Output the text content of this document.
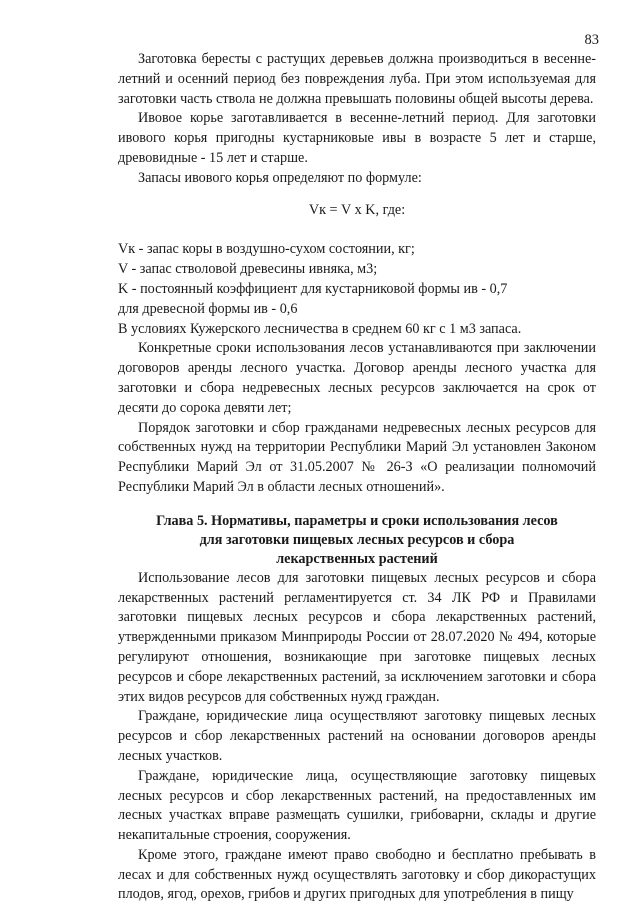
83

Заготовка бересты с растущих деревьев должна производиться в весенне-летний и осенний период без повреждения луба. При этом используемая для заготовки часть ствола не должна превышать половины общей высоты дерева.

Ивовое корье заготавливается в весенне-летний период. Для заготовки ивового корья пригодны кустарниковые ивы в возрасте 5 лет и старше, древовидные - 15 лет и старше.

Запасы ивового корья определяют по формуле:

Vк = V х K, где:

Vк - запас коры в воздушно-сухом состоянии, кг;

V - запас стволовой древесины ивняка, м3;

K - постоянный коэффициент для кустарниковой формы ив - 0,7

для древесной формы ив - 0,6

В условиях Кужерского лесничества в среднем 60 кг с 1 м3 запаса.

Конкретные сроки использования лесов устанавливаются при заключении договоров аренды лесного участка. Договор аренды лесного участка для заготовки и сбора недревесных лесных ресурсов заключается на срок от десяти до сорока девяти лет;

Порядок заготовки и сбор гражданами недревесных лесных ресурсов для собственных нужд на территории Республики Марий Эл установлен Законом Республики Марий Эл от 31.05.2007 № 26-З «О реализации полномочий Республики Марий Эл в области лесных отношений».

Глава 5. Нормативы, параметры и сроки использования лесов
для заготовки пищевых лесных ресурсов и сбора
лекарственных растений

Использование лесов для заготовки пищевых лесных ресурсов и сбора лекарственных растений регламентируется ст. 34 ЛК РФ и Правилами заготовки пищевых лесных ресурсов и сбора лекарственных растений, утвержденными приказом Минприроды России от 28.07.2020 № 494, которые регулируют отношения, возникающие при заготовке пищевых лесных ресурсов и сборе лекарственных растений, за исключением заготовки и сбора этих видов ресурсов для собственных нужд граждан.

Граждане, юридические лица осуществляют заготовку пищевых лесных ресурсов и сбор лекарственных растений на основании договоров аренды лесных участков.

Граждане, юридические лица, осуществляющие заготовку пищевых лесных ресурсов и сбор лекарственных растений, на предоставленных им лесных участках вправе размещать сушилки, грибоварни, склады и другие некапитальные строения, сооружения.

Кроме этого, граждане имеют право свободно и бесплатно пребывать в лесах и для собственных нужд осуществлять заготовку и сбор дикорастущих плодов, ягод, орехов, грибов и других пригодных для употребления в пищу
